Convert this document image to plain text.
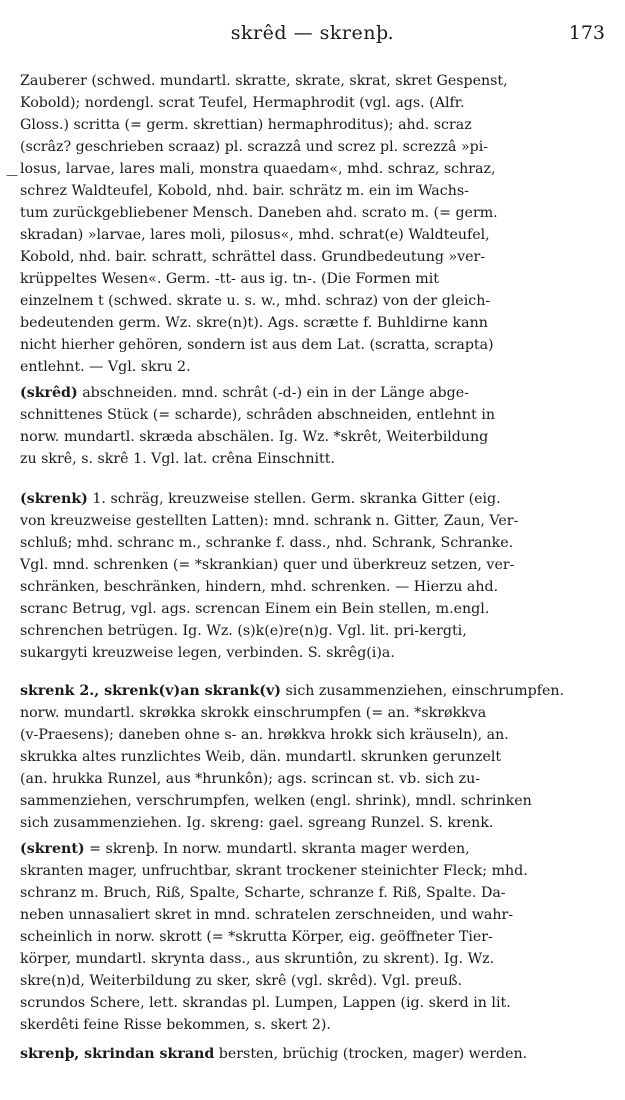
skrêd — skrenþ.	173
—
Zauberer (schwed. mundartl. skratte, skrate, skrat, skret Gespenst,
Kobold); nordengl. scrat Teufel, Hermaphrodit (vgl. ags. (Alfr.
Gloss.) scritta (= germ. skrettian) hermaphroditus); ahd. scraz
(scrâz? geschrieben scraaz) pl. scrazzâ und screz pl. screzzâ »pi-
losus, larvae, lares mali, monstra quaedam«, mhd. schraz, schraz,
schrez Waldteufel, Kobold, nhd. bair. schrätz m. ein im Wachs-
tum zurückgebliebener Mensch. Daneben ahd. scrato m. (= germ.
skradan) »larvae, lares moli, pilosus«, mhd. schrat(e) Waldteufel,
Kobold, nhd. bair. schratt, schrättel dass. Grundbedeutung »ver-
krüppeltes Wesen«. Germ. -tt- aus ig. tn-. (Die Formen mit
einzelnem t (schwed. skrate u. s. w., mhd. schraz) von der gleich-
bedeutenden germ. Wz. skre(n)t). Ags. scrætte f. Buhldirne kann
nicht hierher gehören, sondern ist aus dem Lat. (scratta, scrapta)
entlehnt. — Vgl. skru 2.
(skrêd) abschneiden. mnd. schrât (-d-) ein in der Länge abge-
schnittenes Stück (= scharde), schrâden abschneiden, entlehnt in
norw. mundartl. skræda abschälen. Ig. Wz. *skrêt, Weiterbildung
zu skrê, s. skrê 1. Vgl. lat. crêna Einschnitt.
(skrenk) 1. schräg, kreuzweise stellen. Germ. skranka Gitter (eig.
von kreuzweise gestellten Latten): mnd. schrank n. Gitter, Zaun, Ver-
schluß; mhd. schranc m., schranke f. dass., nhd. Schrank, Schranke.
Vgl. mnd. schrenken (= *skrankian) quer und überkreuz setzen, ver-
schränken, beschränken, hindern, mhd. schrenken. — Hierzu ahd.
scranc Betrug, vgl. ags. screncan Einem ein Bein stellen, m.engl.
schrenchen betrügen. Ig. Wz. (s)k(e)re(n)g. Vgl. lit. pri-kergti,
sukargyti kreuzweise legen, verbinden. S. skrêg(i)a.
skrenk 2., skrenk(v)an skrank(v) sich zusammenziehen, einschrumpfen.
norw. mundartl. skrøkka skrokk einschrumpfen (= an. *skrøkkva
(v-Praesens); daneben ohne s- an. hrøkkva hrokk sich kräuseln), an.
skrukka altes runzlichtes Weib, dän. mundartl. skrunken gerunzelt
(an. hrukka Runzel, aus *hrunkôn); ags. scrincan st. vb. sich zu-
sammenziehen, verschrumpfen, welken (engl. shrink), mndl. schrinken
sich zusammenziehen. Ig. skreng: gael. sgreang Runzel. S. krenk.
(skrent) = skrenþ. In norw. mundartl. skranta mager werden,
skranten mager, unfruchtbar, skrant trockener steinichter Fleck; mhd.
schranz m. Bruch, Riß, Spalte, Scharte, schranze f. Riß, Spalte. Da-
neben unnasaliert skret in mnd. schratelen zerschneiden, und wahr-
scheinlich in norw. skrott (= *skrutta Körper, eig. geöffneter Tier-
körper, mundartl. skrynta dass., aus skruntiôn, zu skrent). Ig. Wz.
skre(n)d, Weiterbildung zu sker, skrê (vgl. skrêd). Vgl. preuß.
scrundos Schere, lett. skrandas pl. Lumpen, Lappen (ig. skerd in lit.
skerdêti feine Risse bekommen, s. skert 2).
skrenþ, skrindan skrand bersten, brüchig (trocken, mager) werden.
